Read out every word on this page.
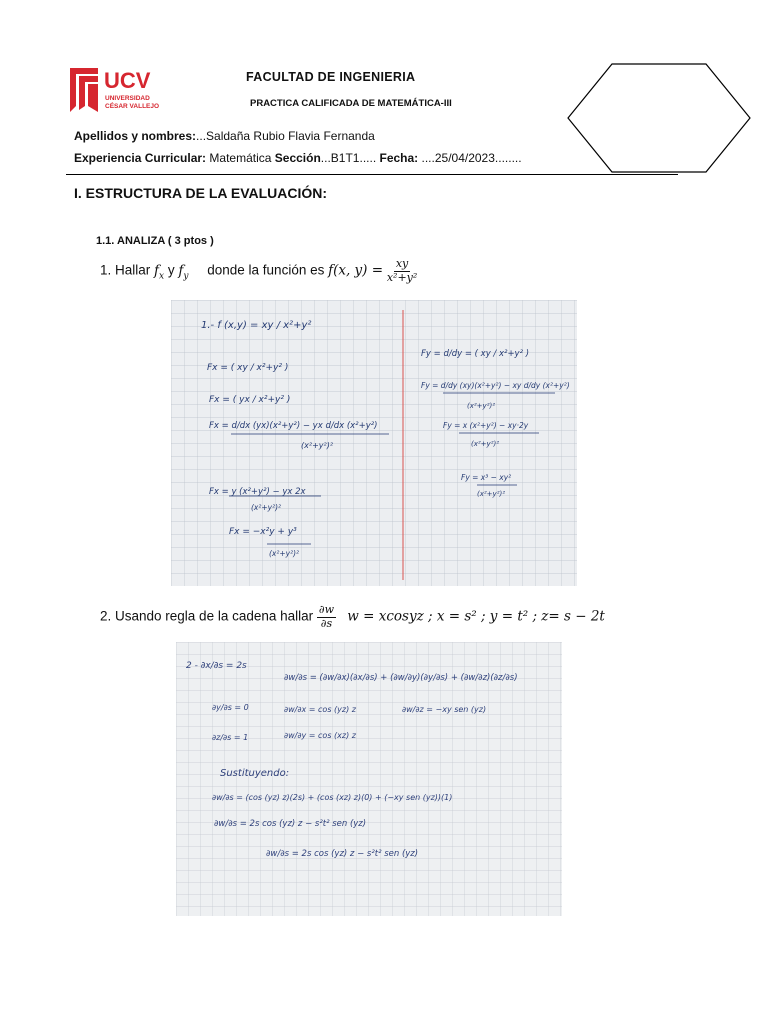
UCV
UNIVERSIDAD
CÉSAR VALLEJO
FACULTAD DE INGENIERIA
PRACTICA CALIFICADA DE MATEMÁTICA-III
Apellidos y nombres:...Saldaña Rubio Flavia Fernanda
Experiencia Curricular: Matemática Sección...B1T1..... Fecha: ....25/04/2023........
I. ESTRUCTURA DE LA EVALUACIÓN:
1.1. ANALIZA ( 3 ptos )
1. Hallar $f_x$ y $f_y$ donde la función es f(x, $y) = \frac{xy}{\text{x²+y²}}$
1.- f (x,y) = xy / x²+y²
Fx = ( xy / x²+y² )
Fx = ( yx / x²+y² )
Fx = d/dx (yx)(x²+y²) − yx d/dx (x²+y²)
(x²+y²)²
Fx = y (x²+y²) − yx 2x
(x²+y²)²
Fx = −x²y + y³
(x²+y²)²
Fy = d/dy = ( xy / x²+y² )
Fy = d/dy (xy)(x²+y²) − xy d/dy (x²+y²)
(x²+y²)²
Fy = x (x²+y²) − xy·2y
(x²+y²)²
Fy = x³ − xy²
(x²+y²)²
2. Usando regla de la cadena hallar $\frac{\partial w}{\partial s}$ w = xcosyz ; x = s² ; y = t² ; z= s − 2t
2 - ∂x/∂s = 2s
∂w/∂s = (∂w/∂x)(∂x/∂s) + (∂w/∂y)(∂y/∂s) + (∂w/∂z)(∂z/∂s)
∂y/∂s = 0	∂w/∂x = cos (yz) z	∂w/∂z = −xy sen (yz)
∂z/∂s = 1	∂w/∂y = cos (xz) z
Sustituyendo:
∂w/∂s = (cos (yz) z)(2s) + (cos (xz) z)(0) + (−xy sen (yz))(1)
∂w/∂s = 2s cos (yz) z − s²t² sen (yz)
∂w/∂s = 2s cos (yz) z − s²t² sen (yz)
